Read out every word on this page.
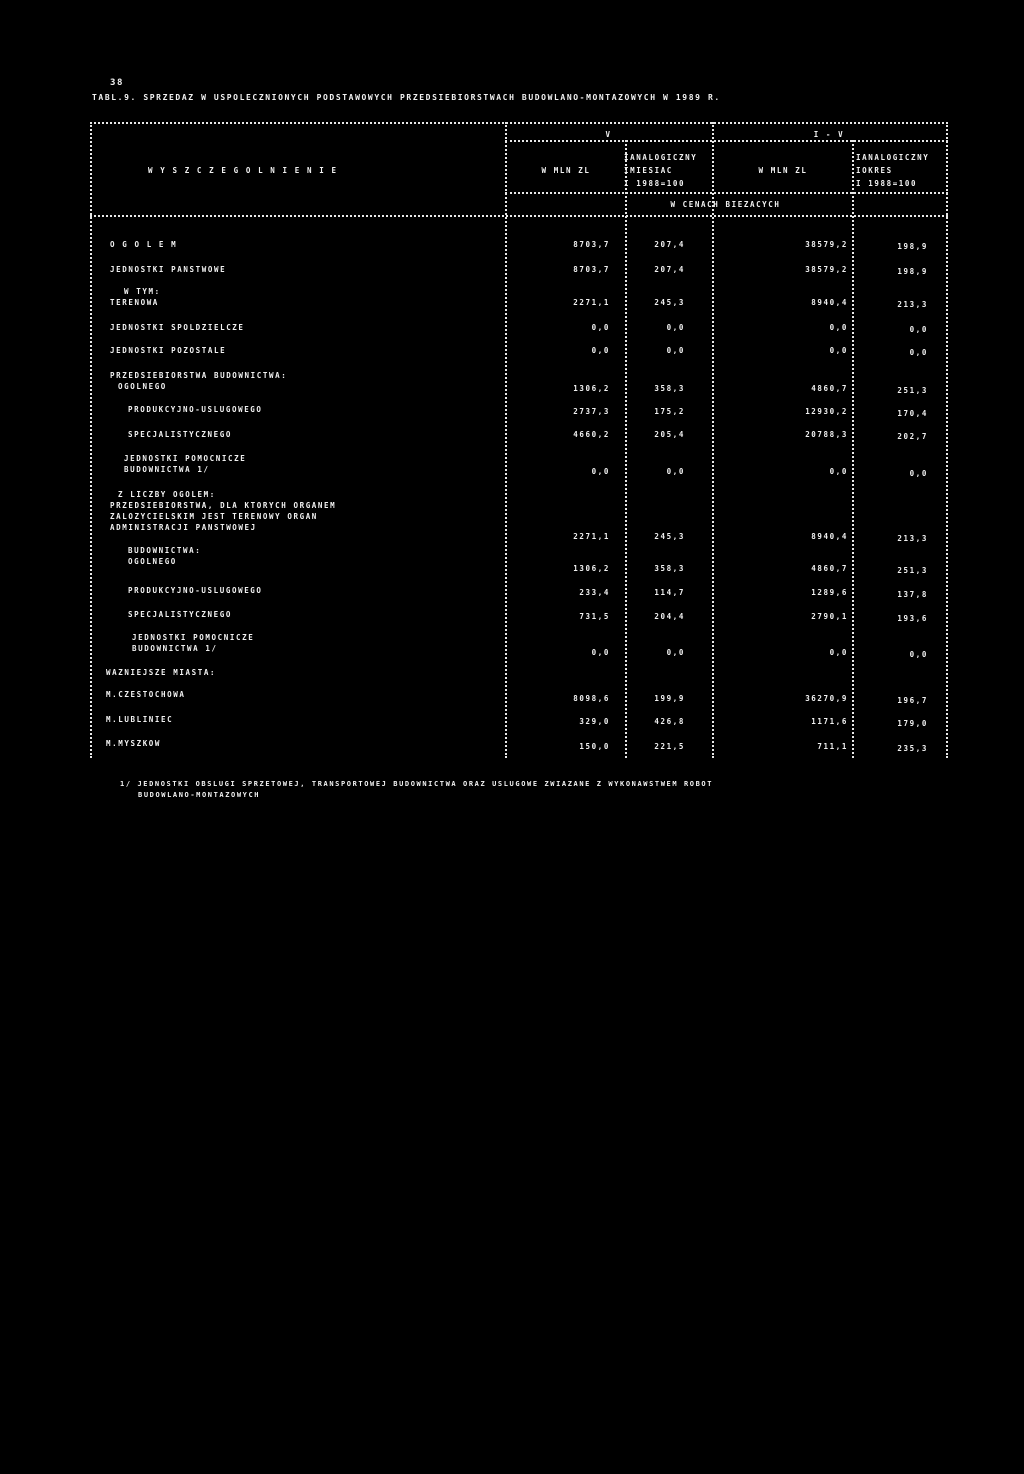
38
TABL.9. SPRZEDAZ W USPOLECZNIONYCH PODSTAWOWYCH PRZEDSIEBIORSTWACH BUDOWLANO-MONTAZOWYCH W 1989 R.
W Y S Z C Z E G O L N I E N I E
V	I - V
W MLN ZL
IANALOGICZNY
IMIESIAC
I 1988=100
W MLN ZL
IANALOGICZNY
IOKRES
I 1988=100
W CENACH BIEZACYCH
O G O L E M	8703,7	207,4	38579,2	198,9
JEDNOSTKI PANSTWOWE	8703,7	207,4	38579,2	198,9
W TYM:
TERENOWA	2271,1	245,3	8940,4	213,3
JEDNOSTKI SPOLDZIELCZE	0,0	0,0	0,0	0,0
JEDNOSTKI POZOSTALE	0,0	0,0	0,0	0,0
PRZEDSIEBIORSTWA BUDOWNICTWA:
OGOLNEGO	1306,2	358,3	4860,7	251,3
PRODUKCYJNO-USLUGOWEGO	2737,3	175,2	12930,2	170,4
SPECJALISTYCZNEGO	4660,2	205,4	20788,3	202,7
JEDNOSTKI POMOCNICZE
BUDOWNICTWA 1/	0,0	0,0	0,0	0,0
Z LICZBY OGOLEM:
PRZEDSIEBIORSTWA, DLA KTORYCH ORGANEM
ZALOZYCIELSKIM JEST TERENOWY ORGAN
ADMINISTRACJI PANSTWOWEJ
2271,1	245,3	8940,4	213,3
BUDOWNICTWA:
OGOLNEGO
1306,2	358,3	4860,7	251,3
PRODUKCYJNO-USLUGOWEGO	233,4	114,7	1289,6	137,8
SPECJALISTYCZNEGO	731,5	204,4	2790,1	193,6
JEDNOSTKI POMOCNICZE
BUDOWNICTWA 1/	0,0	0,0	0,0	0,0
WAZNIEJSZE MIASTA:
M.CZESTOCHOWA	8098,6	199,9	36270,9	196,7
M.LUBLINIEC	329,0	426,8	1171,6	179,0
M.MYSZKOW	150,0	221,5	711,1	235,3
1/ JEDNOSTKI OBSLUGI SPRZETOWEJ, TRANSPORTOWEJ BUDOWNICTWA ORAZ USLUGOWE ZWIAZANE Z WYKONAWSTWEM ROBOT
BUDOWLANO-MONTAZOWYCH
